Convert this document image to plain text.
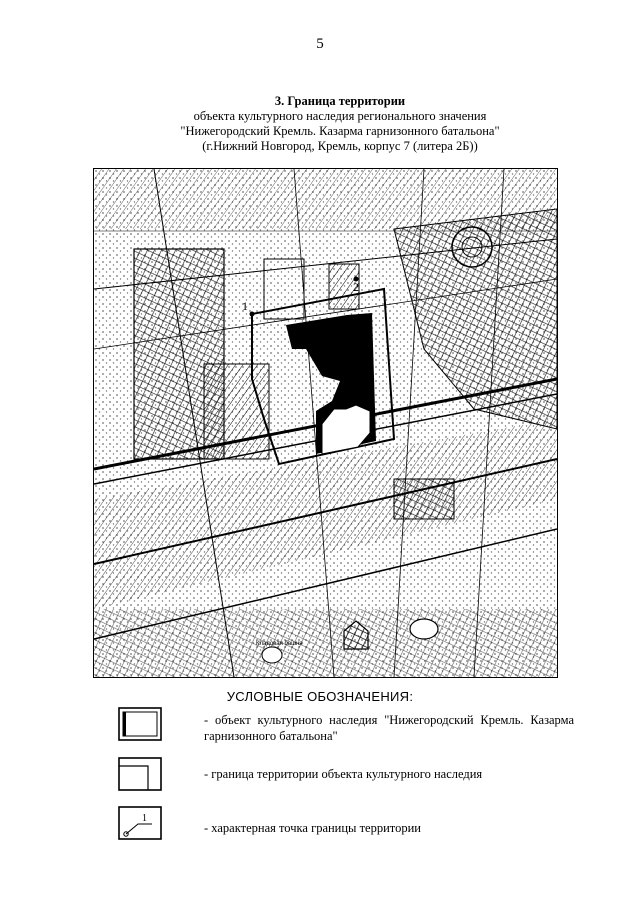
5
3. Граница территории
объекта культурного наследия регионального значения
"Нижегородский Кремль. Казарма гарнизонного батальона"
(г.Нижний Новгород, Кремль, корпус 7 (литера 2Б))
1
2
Кладовая башня
УСЛОВНЫЕ ОБОЗНАЧЕНИЯ:
- объект культурного наследия "Нижегородский Кремль. Казарма гарнизонного батальона"
- граница территории объекта культурного наследия
1
- характерная точка границы территории
